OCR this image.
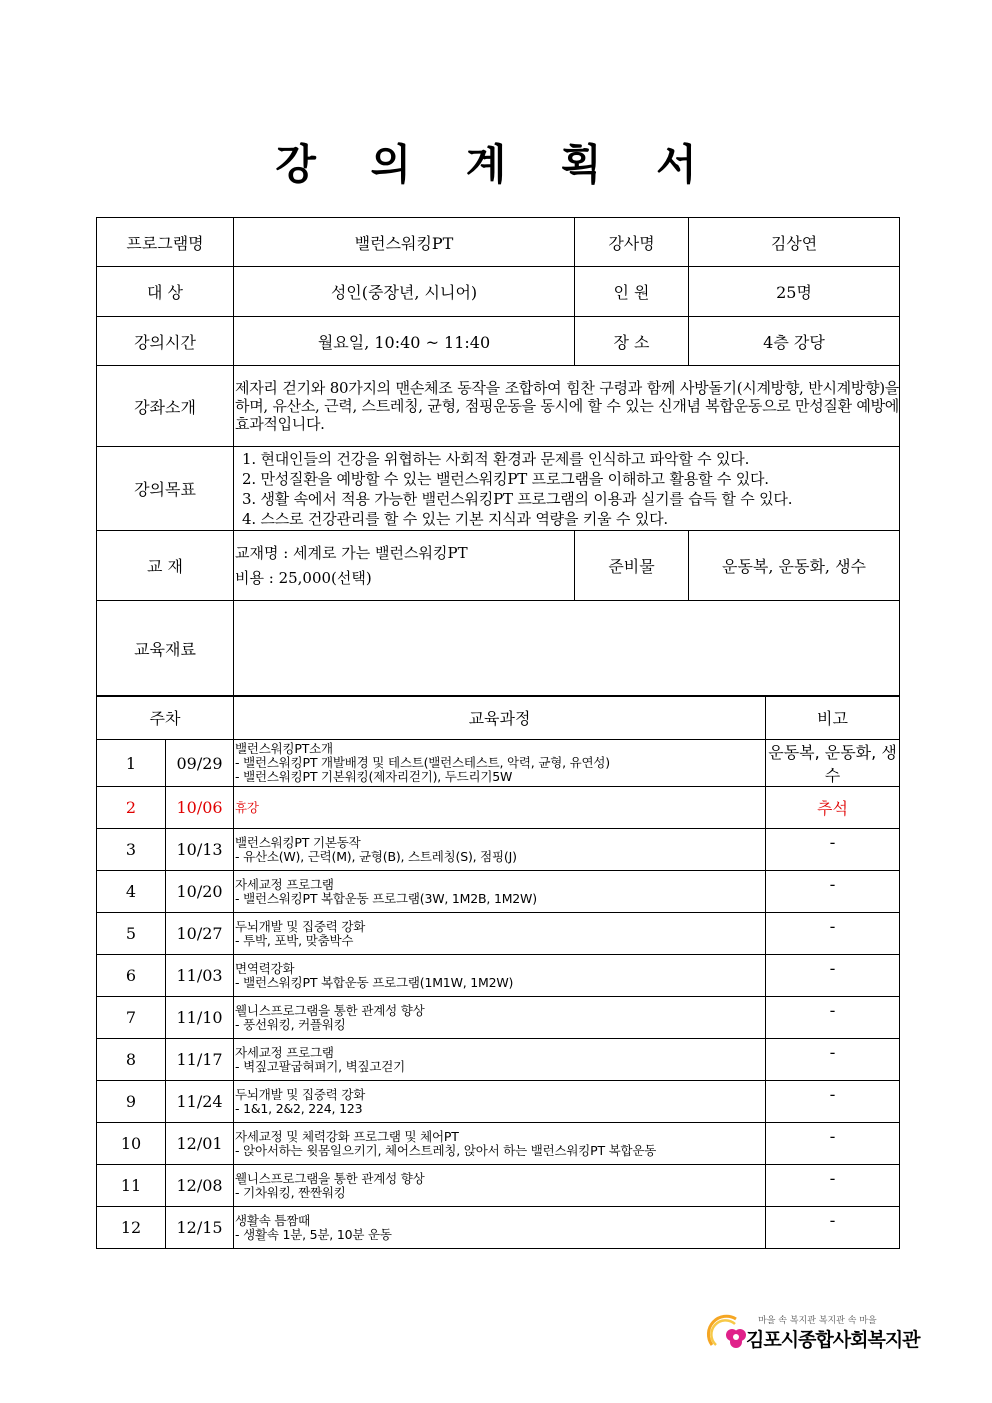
강 의 계 획 서
프로그램명	밸런스워킹PT	강사명	김상연
대 상	성인(중장년, 시니어)	인 원	25명
강의시간	월요일, 10:40 ~ 11:40	장 소	4층 강당
강좌소개	제자리 걷기와 80가지의 맨손체조 동작을 조합하여 힘찬 구령과 함께 사방돌기(시계방향, 반시계방향)을 하며, 유산소, 근력, 스트레칭, 균형, 점핑운동을 동시에 할 수 있는 신개념 복합운동으로 만성질환 예방에 효과적입니다.		
강의목표	1. 현대인들의 건강을 위협하는 사회적 환경과 문제를 인식하고 파악할 수 있다.
2. 만성질환을 예방할 수 있는 밸런스워킹PT 프로그램을 이해하고 활용할 수 있다.
3. 생활 속에서 적용 가능한 밸런스워킹PT 프로그램의 이용과 실기를 습득 할 수 있다.
4. 스스로 건강관리를 할 수 있는 기본 지식과 역량을 키울 수 있다.		

교 재	교재명 : 세계로 가는 밸런스워킹PT
비용 : 25,000(선택)	준비물	운동복, 운동화, 생수
교육재료			
주차		교육과정	비고
1	09/29	밸런스워킹PT소개
- 밸런스워킹PT 개발배경 및 테스트(밸런스테스트, 악력, 균형, 유연성)
- 밸런스워킹PT 기본워킹(제자리걷기), 두드리기5W	운동복, 운동화, 생수
2	10/06	휴강	추석
3	10/13	밸런스워킹PT 기본동작
- 유산소(W), 근력(M), 균형(B), 스트레칭(S), 점핑(J)	-
4	10/20	자세교정 프로그램
- 밸런스워킹PT 복합운동 프로그램(3W, 1M2B, 1M2W)	-
5	10/27	두뇌개발 및 집중력 강화
- 투박, 포박, 맞춤박수	-
6	11/03	면역력강화
- 밸런스워킹PT 복합운동 프로그램(1M1W, 1M2W)	-
7	11/10	웰니스프로그램을 통한 관계성 향상
- 풍선워킹, 커플워킹	-
8	11/17	자세교정 프로그램
- 벽짚고팔굽혀펴기, 벽짚고걷기	-
9	11/24	두뇌개발 및 집중력 강화
- 1&1, 2&2, 224, 123	-
10	12/01	자세교정 및 체력강화 프로그램 및 체어PT
- 앉아서하는 윗몸일으키기, 체어스트레칭, 앉아서 하는 밸런스워킹PT 복합운동	-
11	12/08	웰니스프로그램을 통한 관계성 향상
- 기차워킹, 짠짠워킹	-
12	12/15	생활속 틈짬때
- 생활속 1분, 5분, 10분 운동	-
마을 속 복지관 복지관 속 마을
김포시종합사회복지관
